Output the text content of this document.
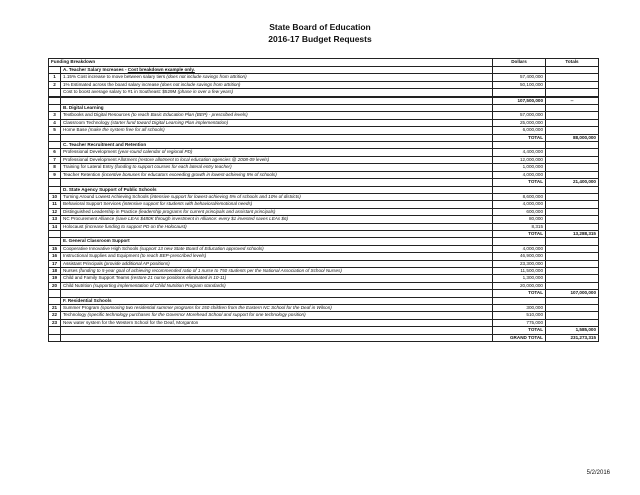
State Board of Education
2016-17 Budget Requests
Funding Breakdown		Dollars	Totals
	A. Teacher Salary Increases - Cost breakdown example only.		
1	1.15% Cost increase to move between salary tiers (does not include savings from attrition)	57,400,000	
2	1% Estimated across the board salary increase (does not include savings from attrition)	50,100,000	
	Cost to boost average salary to #1 in Southeast: $529M (phase in over a few years)		

		107,500,000	--
	B. Digital Learning		
3	Textbooks and Digital Resources (to reach Basic Education Plan (BEP) - prescribed levels)	57,000,000	
4	Classroom Technology (starter fund toward Digital Learning Plan implementation)	25,000,000	
5	Home Base (make the system free for all schools)	6,000,000	
		TOTAL	88,000,000
	C. Teacher Recruitment and Retention		
6	Professional Development (year-round calendar of regional PD)	4,400,000	
7	Professional Development Allotment (restore allotment to local education agencies @ 2008-09 levels)	12,000,000	
8	Training for Lateral Entry (funding to support courses for each lateral entry teacher)	1,000,000	
9	Teacher Retention (incentive bonuses for educators exceeding growth in lowest-achieving 5% of schools)	4,000,000	
		TOTAL	21,400,000
	D. State Agency Support of Public Schools		
10	Turning Around Lowest Achieving Schools (intensive support for lowest-achieving 5% of schools and 10% of districts)	8,600,000	
11	Behavioral Support Services (intensive support for students with behavioral/emotional needs)	4,000,000	
12	Distinguished Leadership in Practice (leadership programs for current principals and assistant principals)	600,000	
13	NC Procurement Alliance (save LEAs $480K through investment in Alliance: every $1 invested saves LEAs $6)	80,000	
14	Holocaust (increase funding to support PD on the Holocaust)	8,315	
		TOTAL	13,288,315
	E. General Classroom Support		
15	Cooperative Innovative High Schools (support 13 new State Board of Education approved schools)	4,000,000	
16	Instructional Supplies and Equipment (to reach BEP-prescribed levels)	46,900,000	
17	Assistant Principals (provide additional AP positions)	23,300,000	
18	Nurses (funding to 5-year goal of achieving recommended ratio of 1 nurse to 750 students per the National Association of School Nurses)	11,500,000	
19	Child and Family Support Teams (restore 21 nurse positions eliminated in 10-11)	1,300,000	
20	Child Nutrition (supporting implementation of Child Nutrition Program standards)	20,000,000	
		TOTAL	107,000,000
	F. Residential Schools		
21	Summer Program (sponsoring two residential summer programs for 150 children from the Eastern NC School for the Deaf in Wilson)	300,000	
22	Technology (specific technology purchases for the Governor Morehead School and support for one technology position)	510,000	
23	New water system for the Western School for the Deaf, Morganton	775,000	
		TOTAL	1,585,000
		GRAND TOTAL	231,273,315
5/2/2016
